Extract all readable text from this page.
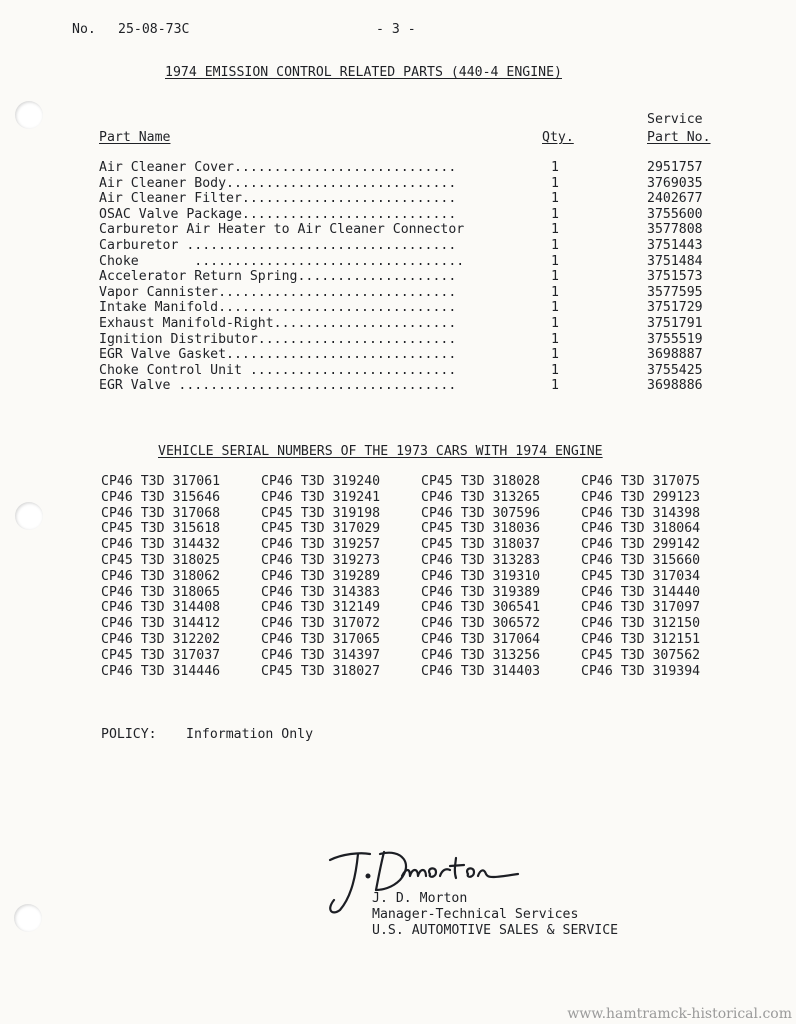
No. 25-08-73C	- 3 -
1974 EMISSION CONTROL RELATED PARTS (440-4 ENGINE)
Part Name	Qty.
Service
Part No.
Air Cleaner Cover............................	1	2951757
Air Cleaner Body.............................	1	3769035
Air Cleaner Filter...........................	1	2402677
OSAC Valve Package...........................	1	3755600
Carburetor Air Heater to Air Cleaner Connector	1	3577808
Carburetor ..................................	1	3751443
Choke       ..................................	1	3751484
Accelerator Return Spring....................	1	3751573
Vapor Cannister..............................	1	3577595
Intake Manifold..............................	1	3751729
Exhaust Manifold-Right.......................	1	3751791
Ignition Distributor.........................	1	3755519
EGR Valve Gasket.............................	1	3698887
Choke Control Unit ..........................	1	3755425
EGR Valve ...................................	1	3698886
VEHICLE SERIAL NUMBERS OF THE 1973 CARS WITH 1974 ENGINE
CP46 T3D 317061	CP46 T3D 319240	CP45 T3D 318028	CP46 T3D 317075
CP46 T3D 315646	CP46 T3D 319241	CP46 T3D 313265	CP46 T3D 299123
CP46 T3D 317068	CP45 T3D 319198	CP46 T3D 307596	CP46 T3D 314398
CP45 T3D 315618	CP45 T3D 317029	CP45 T3D 318036	CP46 T3D 318064
CP46 T3D 314432	CP46 T3D 319257	CP45 T3D 318037	CP46 T3D 299142
CP45 T3D 318025	CP46 T3D 319273	CP46 T3D 313283	CP46 T3D 315660
CP46 T3D 318062	CP46 T3D 319289	CP46 T3D 319310	CP45 T3D 317034
CP46 T3D 318065	CP46 T3D 314383	CP46 T3D 319389	CP46 T3D 314440
CP46 T3D 314408	CP46 T3D 312149	CP46 T3D 306541	CP46 T3D 317097
CP46 T3D 314412	CP46 T3D 317072	CP46 T3D 306572	CP46 T3D 312150
CP46 T3D 312202	CP46 T3D 317065	CP46 T3D 317064	CP46 T3D 312151
CP45 T3D 317037	CP46 T3D 314397	CP46 T3D 313256	CP45 T3D 307562
CP46 T3D 314446	CP45 T3D 318027	CP46 T3D 314403	CP46 T3D 319394
POLICY: Information Only
J. D. Morton
Manager-Technical Services
U.S. AUTOMOTIVE SALES & SERVICE
www.hamtramck-historical.com
